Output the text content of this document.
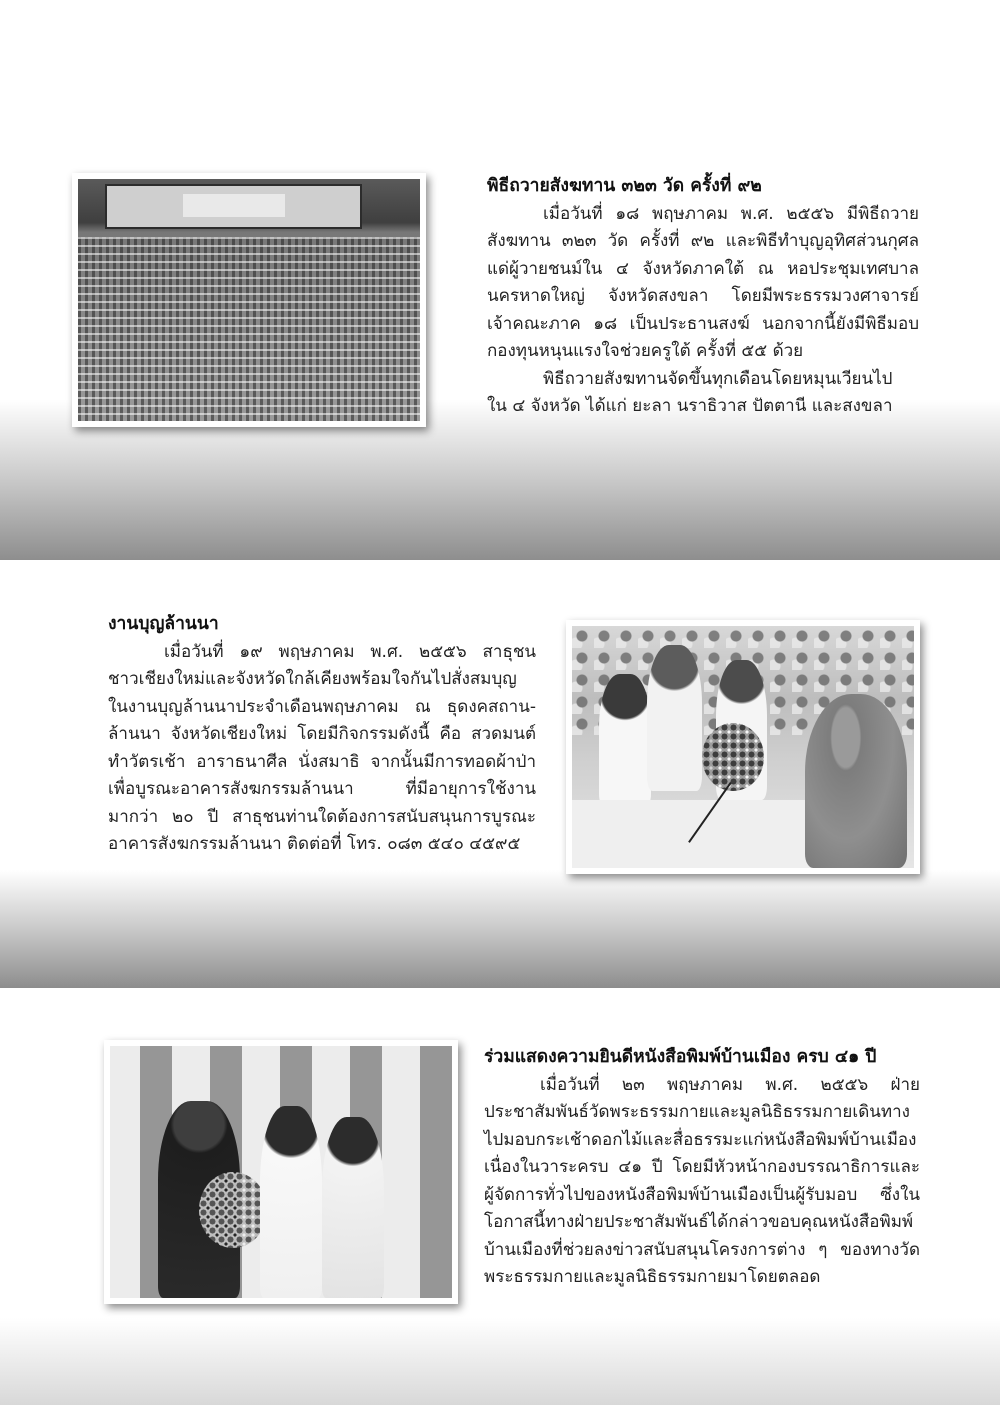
พิธีถวายสังฆทาน ๓๒๓ วัด ครั้งที่ ๙๒
เมื่อวันที่ ๑๘ พฤษภาคม พ.ศ. ๒๕๕๖ มีพิธีถวาย
สังฆทาน ๓๒๓ วัด ครั้งที่ ๙๒ และพิธีทำบุญอุทิศส่วนกุศล
แด่ผู้วายชนม์ใน ๔ จังหวัดภาคใต้ ณ หอประชุมเทศบาล
นครหาดใหญ่ จังหวัดสงขลา โดยมีพระธรรมวงศาจารย์
เจ้าคณะภาค ๑๘ เป็นประธานสงฆ์ นอกจากนี้ยังมีพิธีมอบ
กองทุนหนุนแรงใจช่วยครูใต้ ครั้งที่ ๕๕ ด้วย
พิธีถวายสังฆทานจัดขึ้นทุกเดือนโดยหมุนเวียนไป
ใน ๔ จังหวัด ได้แก่ ยะลา นราธิวาส ปัตตานี และสงขลา
งานบุญล้านนา
เมื่อวันที่ ๑๙ พฤษภาคม พ.ศ. ๒๕๕๖ สาธุชน
ชาวเชียงใหม่และจังหวัดใกล้เคียงพร้อมใจกันไปสั่งสมบุญ
ในงานบุญล้านนาประจำเดือนพฤษภาคม ณ ธุดงคสถาน-
ล้านนา จังหวัดเชียงใหม่ โดยมีกิจกรรมดังนี้ คือ สวดมนต์
ทำวัตรเช้า อาราธนาศีล นั่งสมาธิ จากนั้นมีการทอดผ้าป่า
เพื่อบูรณะอาคารสังฆกรรมล้านนา ที่มีอายุการใช้งาน
มากว่า ๒๐ ปี สาธุชนท่านใดต้องการสนับสนุนการบูรณะ
อาคารสังฆกรรมล้านนา ติดต่อที่ โทร. ๐๘๓ ๕๔๐ ๔๕๙๕
ร่วมแสดงความยินดีหนังสือพิมพ์บ้านเมือง ครบ ๔๑ ปี
เมื่อวันที่ ๒๓ พฤษภาคม พ.ศ. ๒๕๕๖ ฝ่าย
ประชาสัมพันธ์วัดพระธรรมกายและมูลนิธิธรรมกายเดินทาง
ไปมอบกระเช้าดอกไม้และสื่อธรรมะแก่หนังสือพิมพ์บ้านเมือง
เนื่องในวาระครบ ๔๑ ปี โดยมีหัวหน้ากองบรรณาธิการและ
ผู้จัดการทั่วไปของหนังสือพิมพ์บ้านเมืองเป็นผู้รับมอบ ซึ่งใน
โอกาสนี้ทางฝ่ายประชาสัมพันธ์ได้กล่าวขอบคุณหนังสือพิมพ์
บ้านเมืองที่ช่วยลงข่าวสนับสนุนโครงการต่าง ๆ ของทางวัด
พระธรรมกายและมูลนิธิธรรมกายมาโดยตลอด
